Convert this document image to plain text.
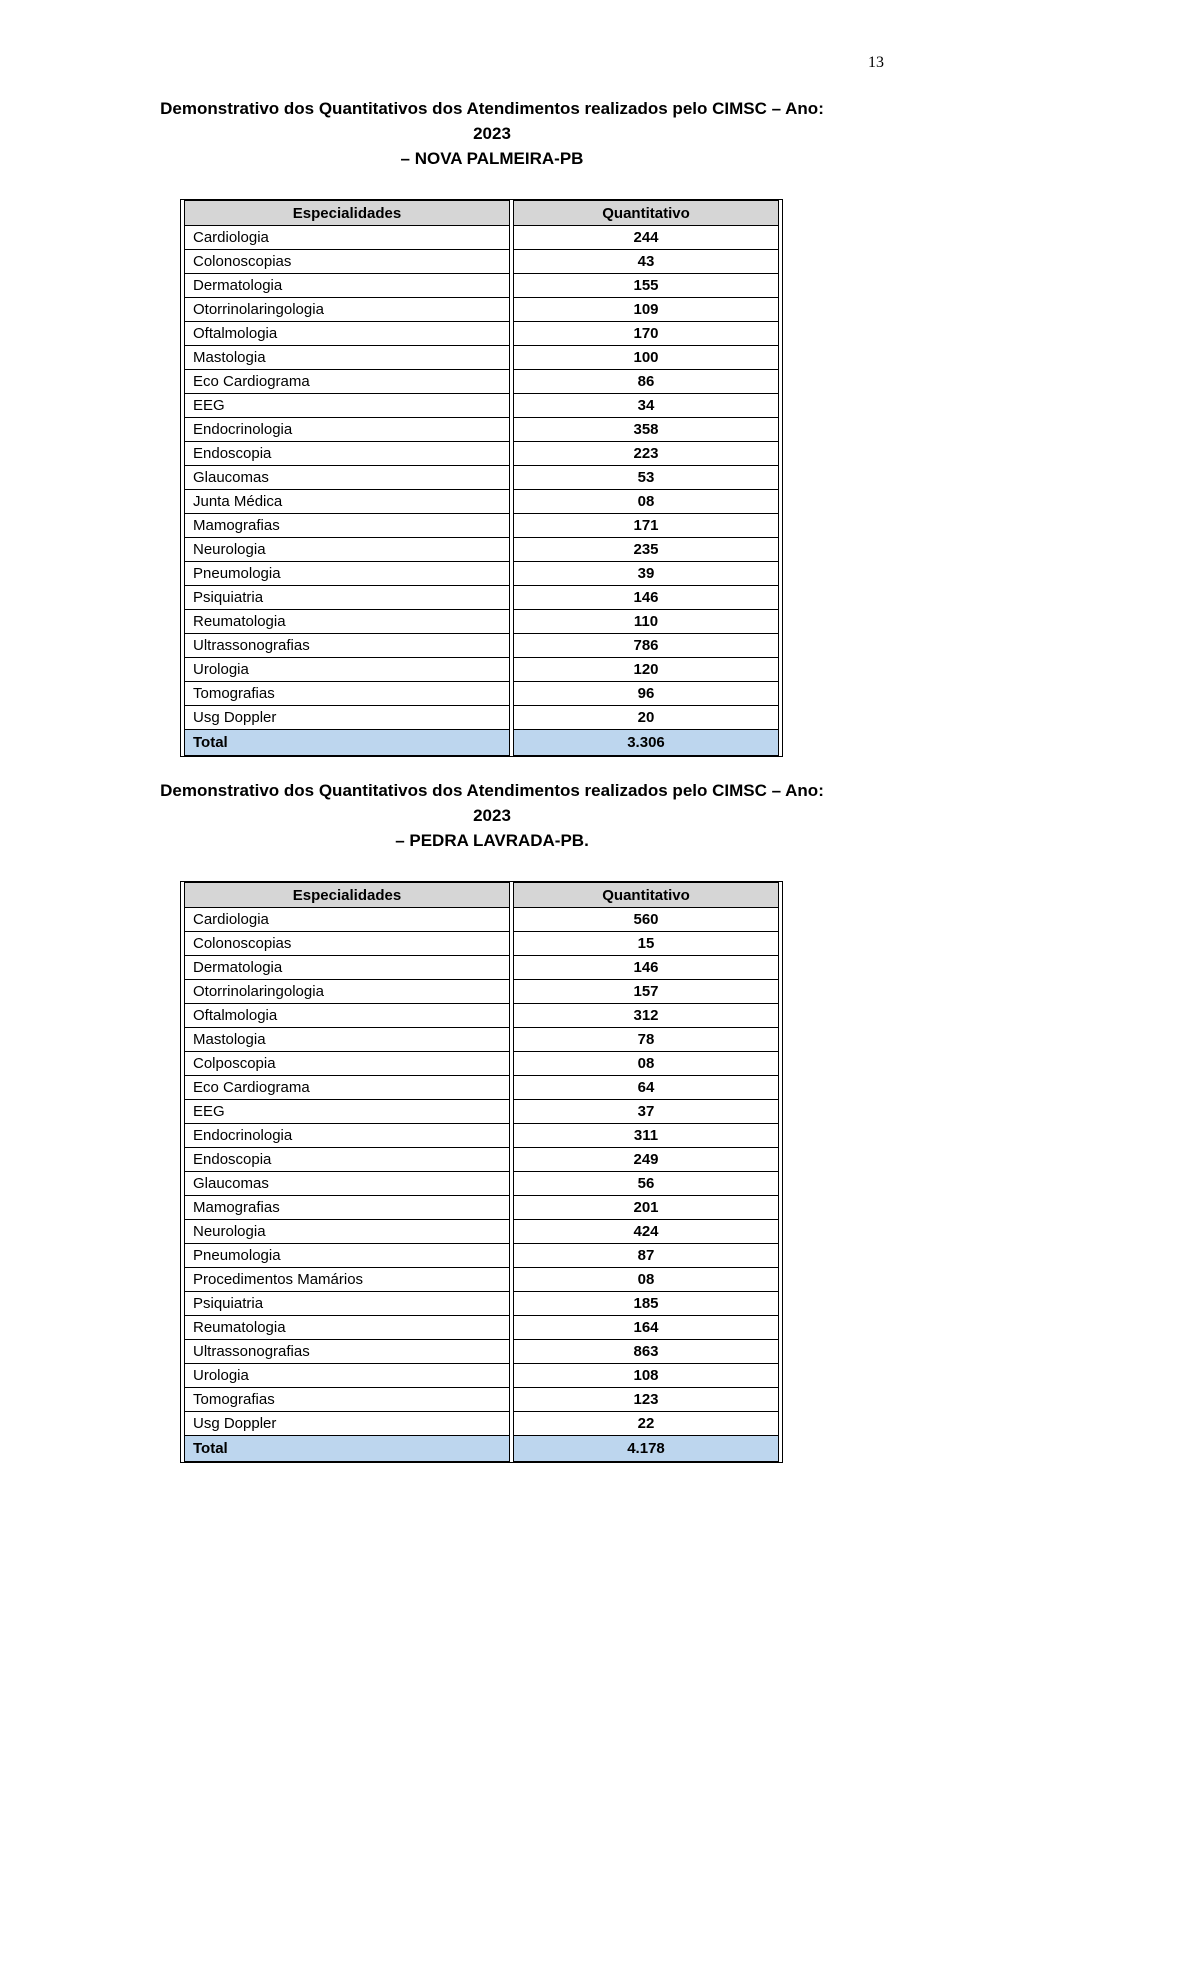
13
Demonstrativo dos Quantitativos dos Atendimentos realizados pelo CIMSC – Ano:
2023
– NOVA PALMEIRA-PB
Especialidades	Quantitativo
Cardiologia	244
Colonoscopias	43
Dermatologia	155
Otorrinolaringologia	109
Oftalmologia	170
Mastologia	100
Eco Cardiograma	86
EEG	34
Endocrinologia	358
Endoscopia	223
Glaucomas	53
Junta Médica	08
Mamografias	171
Neurologia	235
Pneumologia	39
Psiquiatria	146
Reumatologia	110
Ultrassonografias	786
Urologia	120
Tomografias	96
Usg Doppler	20
Total	3.306
Demonstrativo dos Quantitativos dos Atendimentos realizados pelo CIMSC – Ano:
2023
– PEDRA LAVRADA-PB.
Especialidades	Quantitativo
Cardiologia	560
Colonoscopias	15
Dermatologia	146
Otorrinolaringologia	157
Oftalmologia	312
Mastologia	78
Colposcopia	08
Eco Cardiograma	64
EEG	37
Endocrinologia	311
Endoscopia	249
Glaucomas	56
Mamografias	201
Neurologia	424
Pneumologia	87
Procedimentos Mamários	08
Psiquiatria	185
Reumatologia	164
Ultrassonografias	863
Urologia	108
Tomografias	123
Usg Doppler	22
Total	4.178
